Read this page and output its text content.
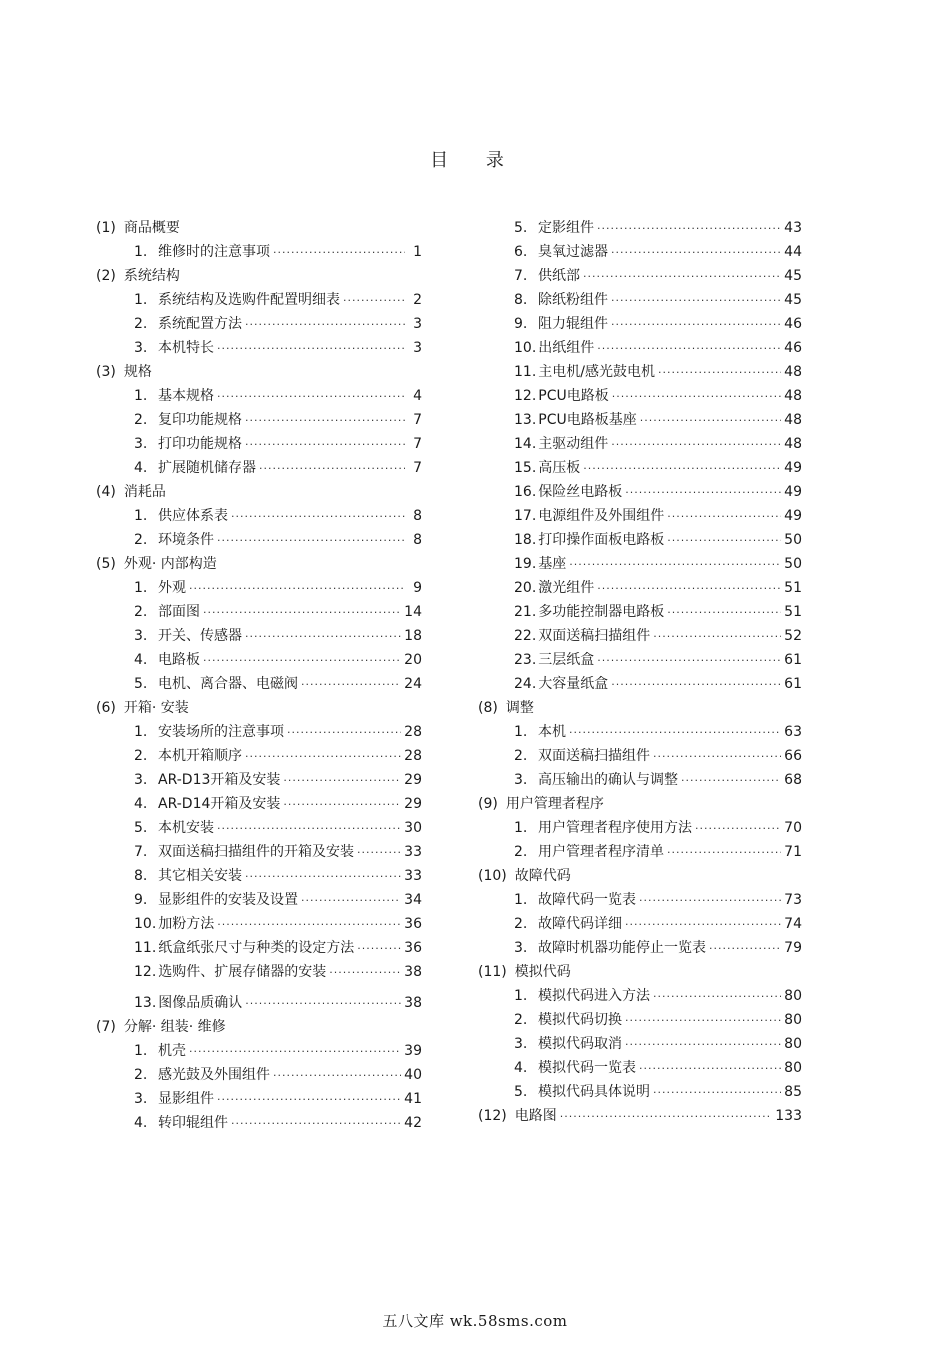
目 录
(1) 商品概要
1. 维修时的注意事项 ·····	1
(2) 系统结构
1. 系统结构及选购件配置明细表 ·····	2
2. 系统配置方法 ·····	3
3. 本机特长 ·····	3
(3) 规格
1. 基本规格 ·····	4
2. 复印功能规格 ·····	7
3. 打印功能规格 ·····	7
4. 扩展随机储存器 ·····	7
(4) 消耗品
1. 供应体系表 ·····	8
2. 环境条件 ·····	8
(5) 外观· 内部构造
1. 外观 ·····	9
2. 部面图 ·····	14
3. 开关、传感器 ·····	18
4. 电路板 ·····	20
5. 电机、离合器、电磁阀 ·····	24
(6) 开箱· 安装
1. 安装场所的注意事项 ·····	28
2. 本机开箱顺序 ·····	28
3. AR-D13开箱及安装 ·····	29
4. AR-D14开箱及安装 ·····	29
5. 本机安装 ·····	30
7. 双面送稿扫描组件的开箱及安装 ·····	33
8. 其它相关安装 ·····	33
9. 显影组件的安装及设置 ·····	34
10. 加粉方法 ·····	36
11. 纸盒纸张尺寸与种类的设定方法 ·····	36
12. 选购件、扩展存储器的安装 ·····	38
13. 图像品质确认 ·····	38
(7) 分解· 组装· 维修
1. 机壳 ·····	39
2. 感光鼓及外围组件 ·····	40
3. 显影组件 ·····	41
4. 转印辊组件 ·····	42
5. 定影组件 ·····	43
6. 臭氧过滤器 ·····	44
7. 供纸部 ·····	45
8. 除纸粉组件 ·····	45
9. 阻力辊组件 ·····	46
10. 出纸组件 ·····	46
11. 主电机/感光鼓电机 ·····	48
12. PCU电路板 ·····	48
13. PCU电路板基座 ·····	48
14. 主驱动组件 ·····	48
15. 高压板 ·····	49
16. 保险丝电路板 ·····	49
17. 电源组件及外围组件 ·····	49
18. 打印操作面板电路板 ·····	50
19. 基座 ·····	50
20. 激光组件 ·····	51
21. 多功能控制器电路板 ·····	51
22. 双面送稿扫描组件 ·····	52
23. 三层纸盒 ·····	61
24. 大容量纸盒 ·····	61
(8) 调整
1. 本机 ·····	63
2. 双面送稿扫描组件 ·····	66
3. 高压输出的确认与调整 ·····	68
(9) 用户管理者程序
1. 用户管理者程序使用方法 ·····	70
2. 用户管理者程序清单 ·····	71
(10) 故障代码
1. 故障代码一览表 ·····	73
2. 故障代码详细 ·····	74
3. 故障时机器功能停止一览表 ·····	79
(11) 模拟代码
1. 模拟代码进入方法 ·····	80
2. 模拟代码切换 ·····	80
3. 模拟代码取消 ·····	80
4. 模拟代码一览表 ·····	80
5. 模拟代码具体说明 ·····	85
(12) 电路图 ·····	133
五八文库 wk.58sms.com
